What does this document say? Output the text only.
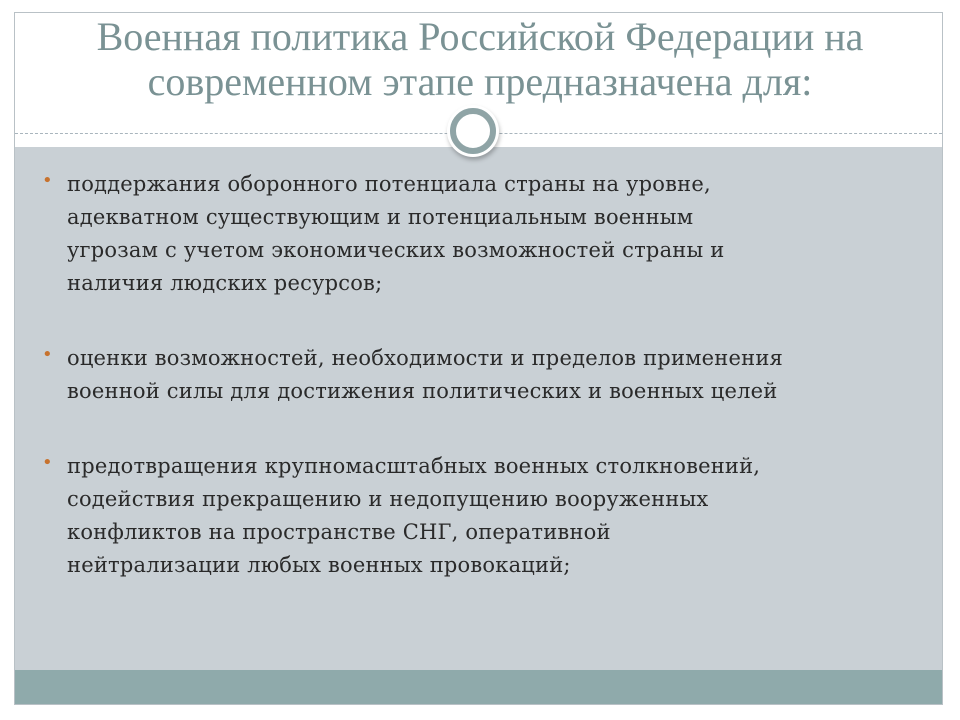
Военная политика Российской Федерации на
современном этапе предназначена для:
• поддержания оборонного потенциала страны на уровне,
адекватном существующим и потенциальным военным
угрозам с учетом экономических возможностей страны и
наличия людских ресурсов;
• оценки возможностей, необходимости и пределов применения
военной силы для достижения политических и военных целей
• предотвращения крупномасштабных военных столкновений,
содействия прекращению и недопущению вооруженных
конфликтов на пространстве СНГ, оперативной
нейтрализации любых военных провокаций;
